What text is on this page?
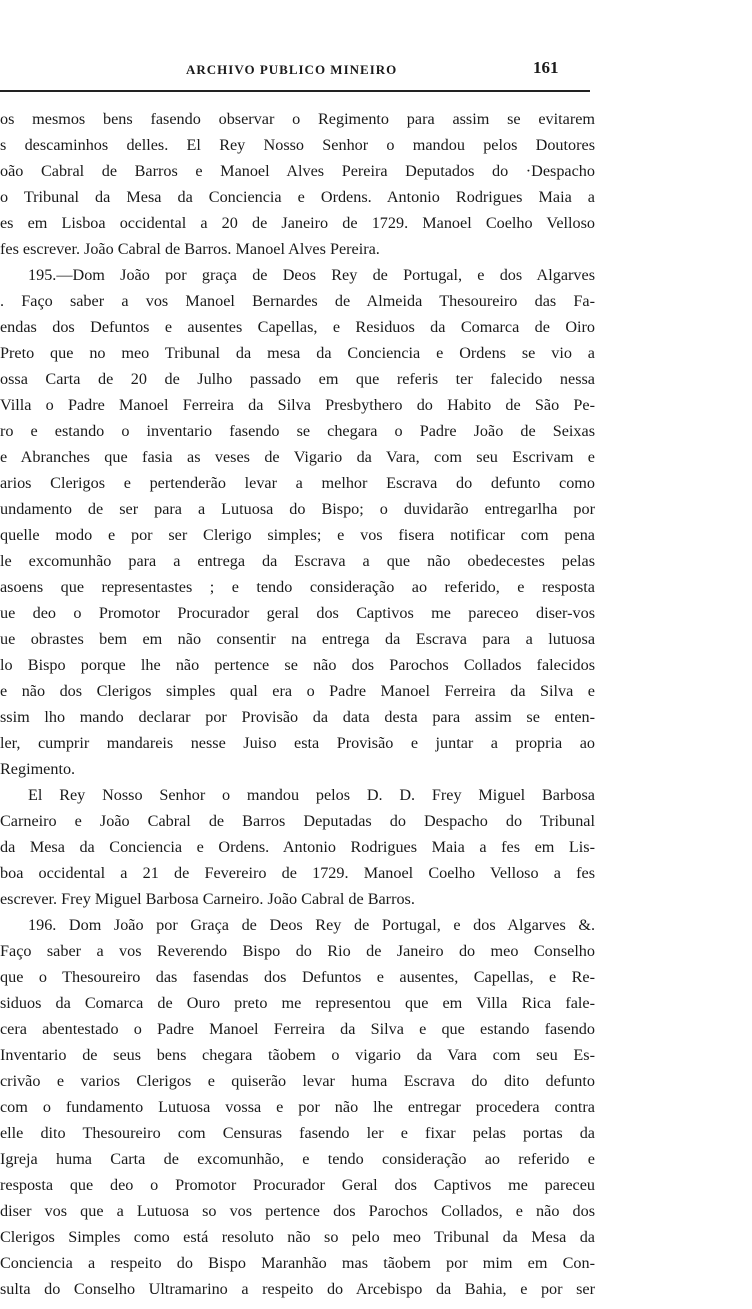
ARCHIVO PUBLICO MINEIRO	161
os mesmos bens fasendo observar o Regimento para assim se evitarem
s descaminhos delles. El Rey Nosso Senhor o mandou pelos Doutores
oão Cabral de Barros e Manoel Alves Pereira Deputados do ·Despacho
o Tribunal da Mesa da Conciencia e Ordens. Antonio Rodrigues Maia a
es em Lisboa occidental a 20 de Janeiro de 1729. Manoel Coelho Velloso
fes escrever. João Cabral de Barros. Manoel Alves Pereira.
195.—Dom João por graça de Deos Rey de Portugal, e dos Algarves
. Faço saber a vos Manoel Bernardes de Almeida Thesoureiro das Fa-
endas dos Defuntos e ausentes Capellas, e Residuos da Comarca de Oiro
Preto que no meo Tribunal da mesa da Conciencia e Ordens se vio a
ossa Carta de 20 de Julho passado em que referis ter falecido nessa
Villa o Padre Manoel Ferreira da Silva Presbythero do Habito de São Pe-
ro e estando o inventario fasendo se chegara o Padre João de Seixas
e Abranches que fasia as veses de Vigario da Vara, com seu Escrivam e
arios Clerigos e pertenderão levar a melhor Escrava do defunto como
undamento de ser para a Lutuosa do Bispo; o duvidarão entregarlha por
quelle modo e por ser Clerigo simples; e vos fisera notificar com pena
le excomunhão para a entrega da Escrava a que não obedecestes pelas
asoens que representastes ; e tendo consideração ao referido, e resposta
ue deo o Promotor Procurador geral dos Captivos me pareceo diser-vos
ue obrastes bem em não consentir na entrega da Escrava para a lutuosa
lo Bispo porque lhe não pertence se não dos Parochos Collados falecidos
e não dos Clerigos simples qual era o Padre Manoel Ferreira da Silva e
ssim lho mando declarar por Provisão da data desta para assim se enten-
ler, cumprir mandareis nesse Juiso esta Provisão e juntar a propria ao
Regimento.
El Rey Nosso Senhor o mandou pelos D. D. Frey Miguel Barbosa
Carneiro e João Cabral de Barros Deputadas do Despacho do Tribunal
da Mesa da Conciencia e Ordens. Antonio Rodrigues Maia a fes em Lis-
boa occidental a 21 de Fevereiro de 1729. Manoel Coelho Velloso a fes
escrever. Frey Miguel Barbosa Carneiro. João Cabral de Barros.
196. Dom João por Graça de Deos Rey de Portugal, e dos Algarves &.
Faço saber a vos Reverendo Bispo do Rio de Janeiro do meo Conselho
que o Thesoureiro das fasendas dos Defuntos e ausentes, Capellas, e Re-
siduos da Comarca de Ouro preto me representou que em Villa Rica fale-
cera abentestado o Padre Manoel Ferreira da Silva e que estando fasendo
Inventario de seus bens chegara tãobem o vigario da Vara com seu Es-
crivão e varios Clerigos e quiserão levar huma Escrava do dito defunto
com o fundamento Lutuosa vossa e por não lhe entregar procedera contra
elle dito Thesoureiro com Censuras fasendo ler e fixar pelas portas da
Igreja huma Carta de excomunhão, e tendo consideração ao referido e
resposta que deo o Promotor Procurador Geral dos Captivos me pareceu
diser vos que a Lutuosa so vos pertence dos Parochos Collados, e não dos
Clerigos Simples como está resoluto não so pelo meo Tribunal da Mesa da
Conciencia a respeito do Bispo Maranhão mas tãobem por mim em Con-
sulta do Conselho Ultramarino a respeito do Arcebispo da Bahia, e por ser
